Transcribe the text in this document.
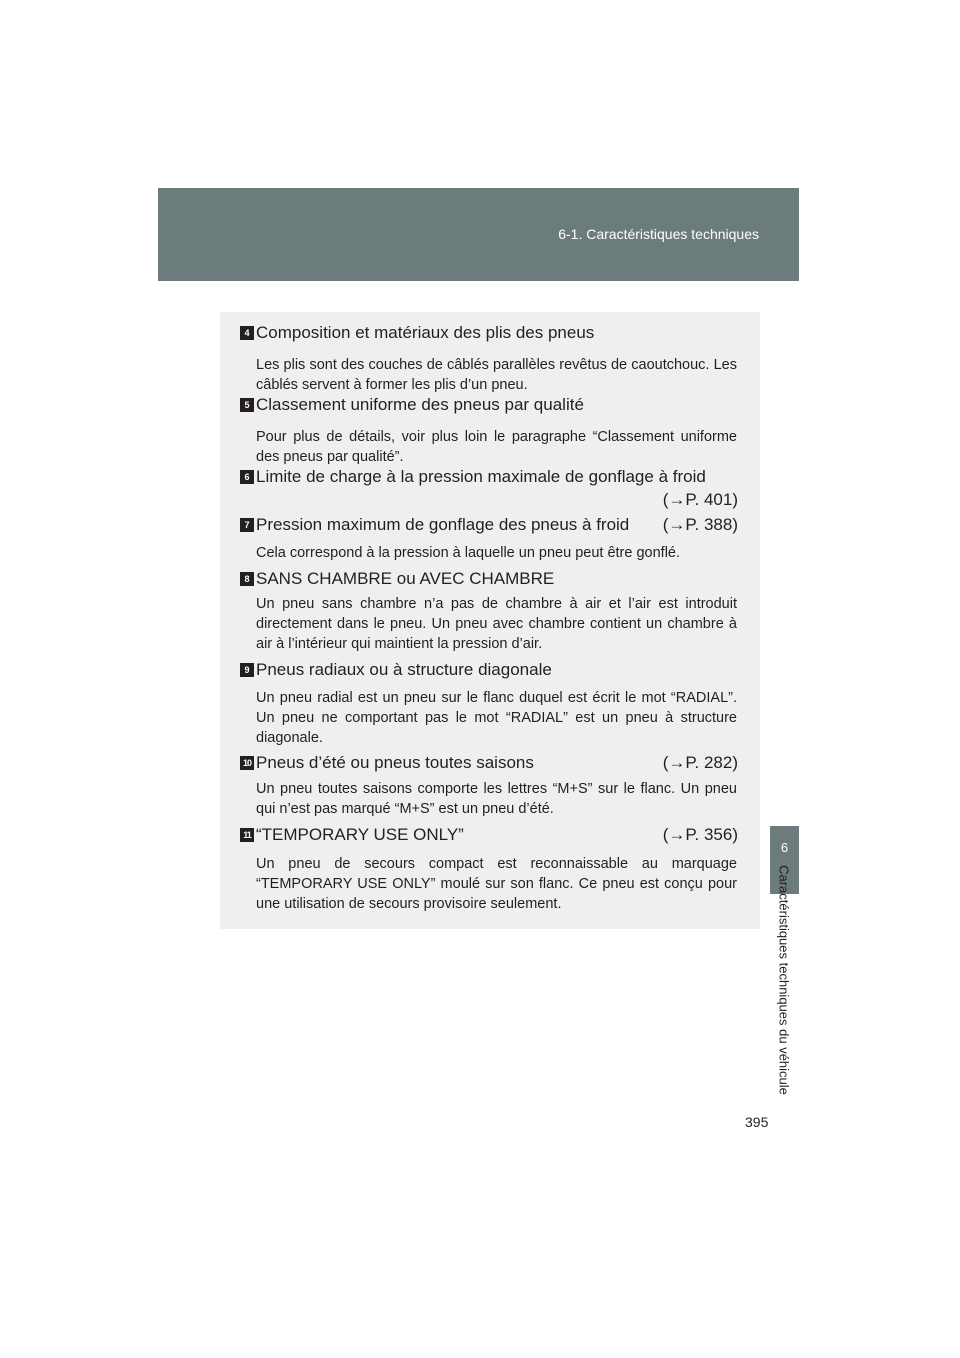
6-1. Caractéristiques techniques
6
Caractéristiques techniques du véhicule
395
4 Composition et matériaux des plis des pneus
Les plis sont des couches de câblés parallèles revêtus de caoutchouc. Les câblés servent à former les plis d’un pneu.
5 Classement uniforme des pneus par qualité
Pour plus de détails, voir plus loin le paragraphe “Classement uniforme des pneus par qualité”.
6 Limite de charge à la pression maximale de gonflage à froid
(→P. 401)
7 Pression maximum de gonflage des pneus à froid	(→P. 388)
Cela correspond à la pression à laquelle un pneu peut être gonflé.
8 SANS CHAMBRE ou AVEC CHAMBRE
Un pneu sans chambre n’a pas de chambre à air et l’air est introduit directement dans le pneu. Un pneu avec chambre contient un chambre à air à l’intérieur qui maintient la pression d’air.
9 Pneus radiaux ou à structure diagonale
Un pneu radial est un pneu sur le flanc duquel est écrit le mot “RADIAL”. Un pneu ne comportant pas le mot “RADIAL” est un pneu à structure diagonale.
10 Pneus d’été ou pneus toutes saisons	(→P. 282)
Un pneu toutes saisons comporte les lettres “M+S” sur le flanc. Un pneu qui n’est pas marqué “M+S” est un pneu d’été.
11 “TEMPORARY USE ONLY”	(→P. 356)
Un pneu de secours compact est reconnaissable au marquage “TEMPORARY USE ONLY” moulé sur son flanc. Ce pneu est conçu pour une utilisation de secours provisoire seulement.
